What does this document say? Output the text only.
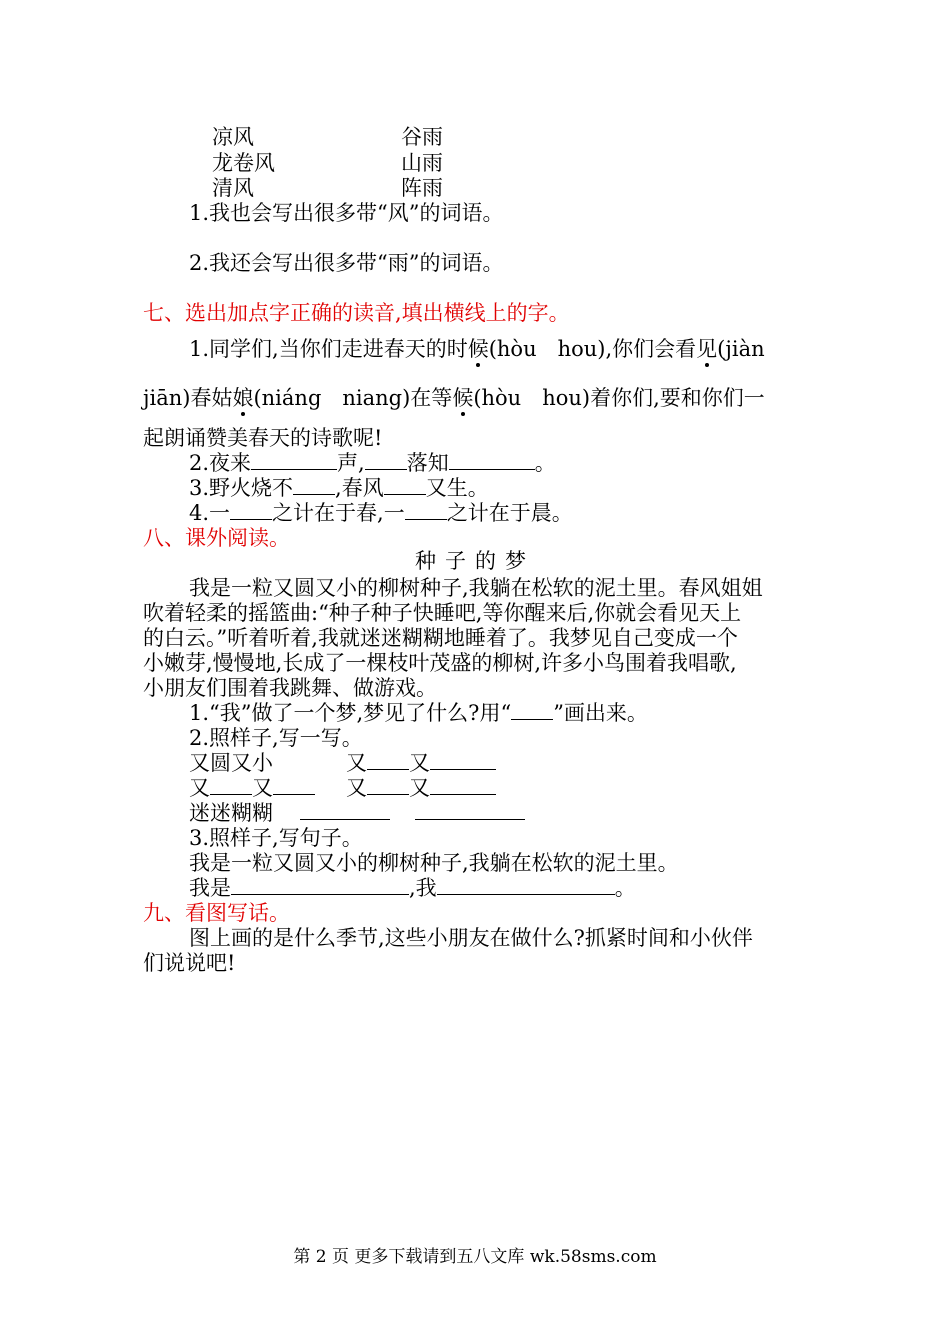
凉风	谷雨
龙卷风	山雨
清风	阵雨
1.我也会写出很多带“风”的词语。
2.我还会写出很多带“雨”的词语。
七、选出加点字正确的读音,填出横线上的字。
1.同学们,当你们走进春天的时候(hòu　hou),你们会看见(jiàn
jiān)春姑娘(niáng　niang)在等候(hòu　hou)着你们,要和你们一
起朗诵赞美春天的诗歌呢!
2.夜来	声, 落知	。
3.野火烧不 ,春风 又生。
4.一 之计在于春,一 之计在于晨。
八、课外阅读。
种子的梦
我是一粒又圆又小的柳树种子,我躺在松软的泥土里。春风姐姐
吹着轻柔的摇篮曲:“种子种子快睡吧,等你醒来后,你就会看见天上
的白云。”听着听着,我就迷迷糊糊地睡着了。我梦见自己变成一个
小嫩芽,慢慢地,长成了一棵枝叶茂盛的柳树,许多小鸟围着我唱歌,
小朋友们围着我跳舞、做游戏。
1.“我”做了一个梦,梦见了什么?用“ ”画出来。
2.照样子,写一写。
又圆又小	又 又
又 又	又 又
迷迷糊糊

3.照样子,写句子。
我是一粒又圆又小的柳树种子,我躺在松软的泥土里。
我是	,我	。
九、看图写话。
图上画的是什么季节,这些小朋友在做什么?抓紧时间和小伙伴
们说说吧!
第 2 页 更多下载请到五八文库 wk.58sms.com
